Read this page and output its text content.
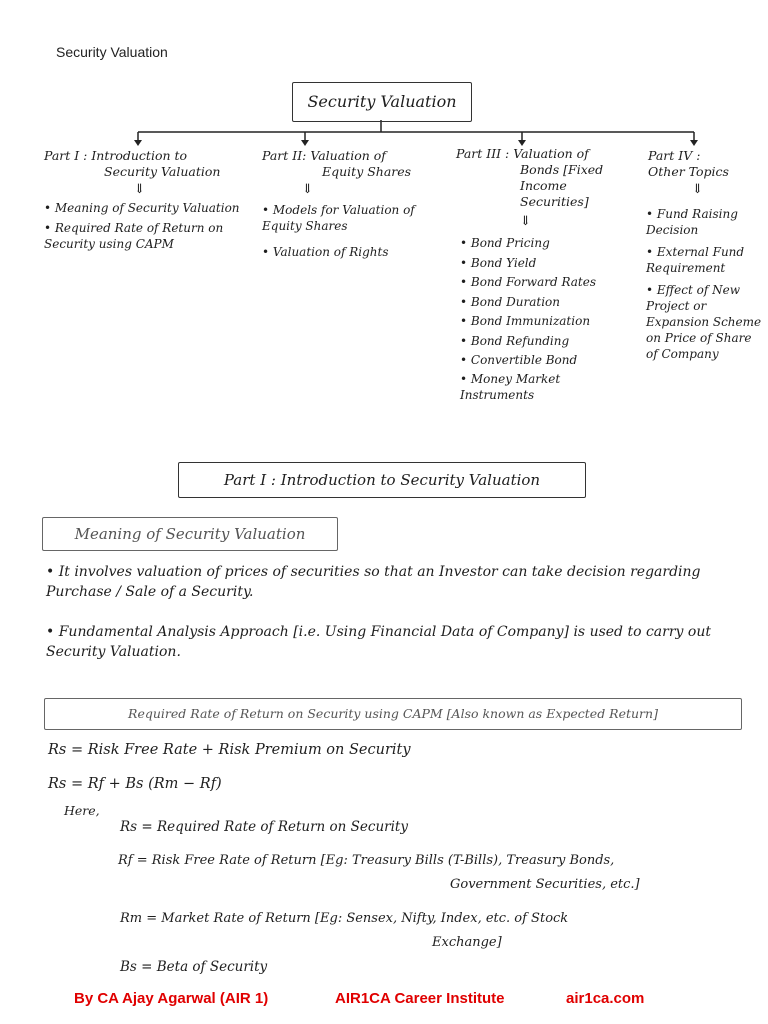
Security Valuation
Security Valuation
Part I : Introduction to
Security Valuation
⇓
• Meaning of Security Valuation
• Required Rate of Return on Security using CAPM
Part II: Valuation of
Equity Shares
⇓
• Models for Valuation of Equity Shares
• Valuation of Rights
Part III : Valuation of
Bonds [Fixed
Income
Securities]
⇓
• Bond Pricing
• Bond Yield
• Bond Forward Rates
• Bond Duration
• Bond Immunization
• Bond Refunding
• Convertible Bond
• Money Market Instruments
Part IV :
Other Topics
⇓
• Fund Raising Decision
• External Fund Requirement
• Effect of New Project or Expansion Scheme on Price of Share of Company
Part I : Introduction to Security Valuation
Meaning of Security Valuation
• It involves valuation of prices of securities so that an Investor can take decision regarding Purchase / Sale of a Security.
• Fundamental Analysis Approach [i.e. Using Financial Data of Company] is used to carry out Security Valuation.
Required Rate of Return on Security using CAPM [Also known as Expected Return]
Rs = Risk Free Rate + Risk Premium on Security
Rs = Rf + Bs (Rm − Rf)
Here,
Rs = Required Rate of Return on Security
Rf = Risk Free Rate of Return [Eg: Treasury Bills (T-Bills), Treasury Bonds,
Government Securities, etc.]
Rm = Market Rate of Return [Eg: Sensex, Nifty, Index, etc. of Stock
Exchange]
Bs = Beta of Security
By CA Ajay Agarwal (AIR 1)	AIR1CA Career Institute	air1ca.com
